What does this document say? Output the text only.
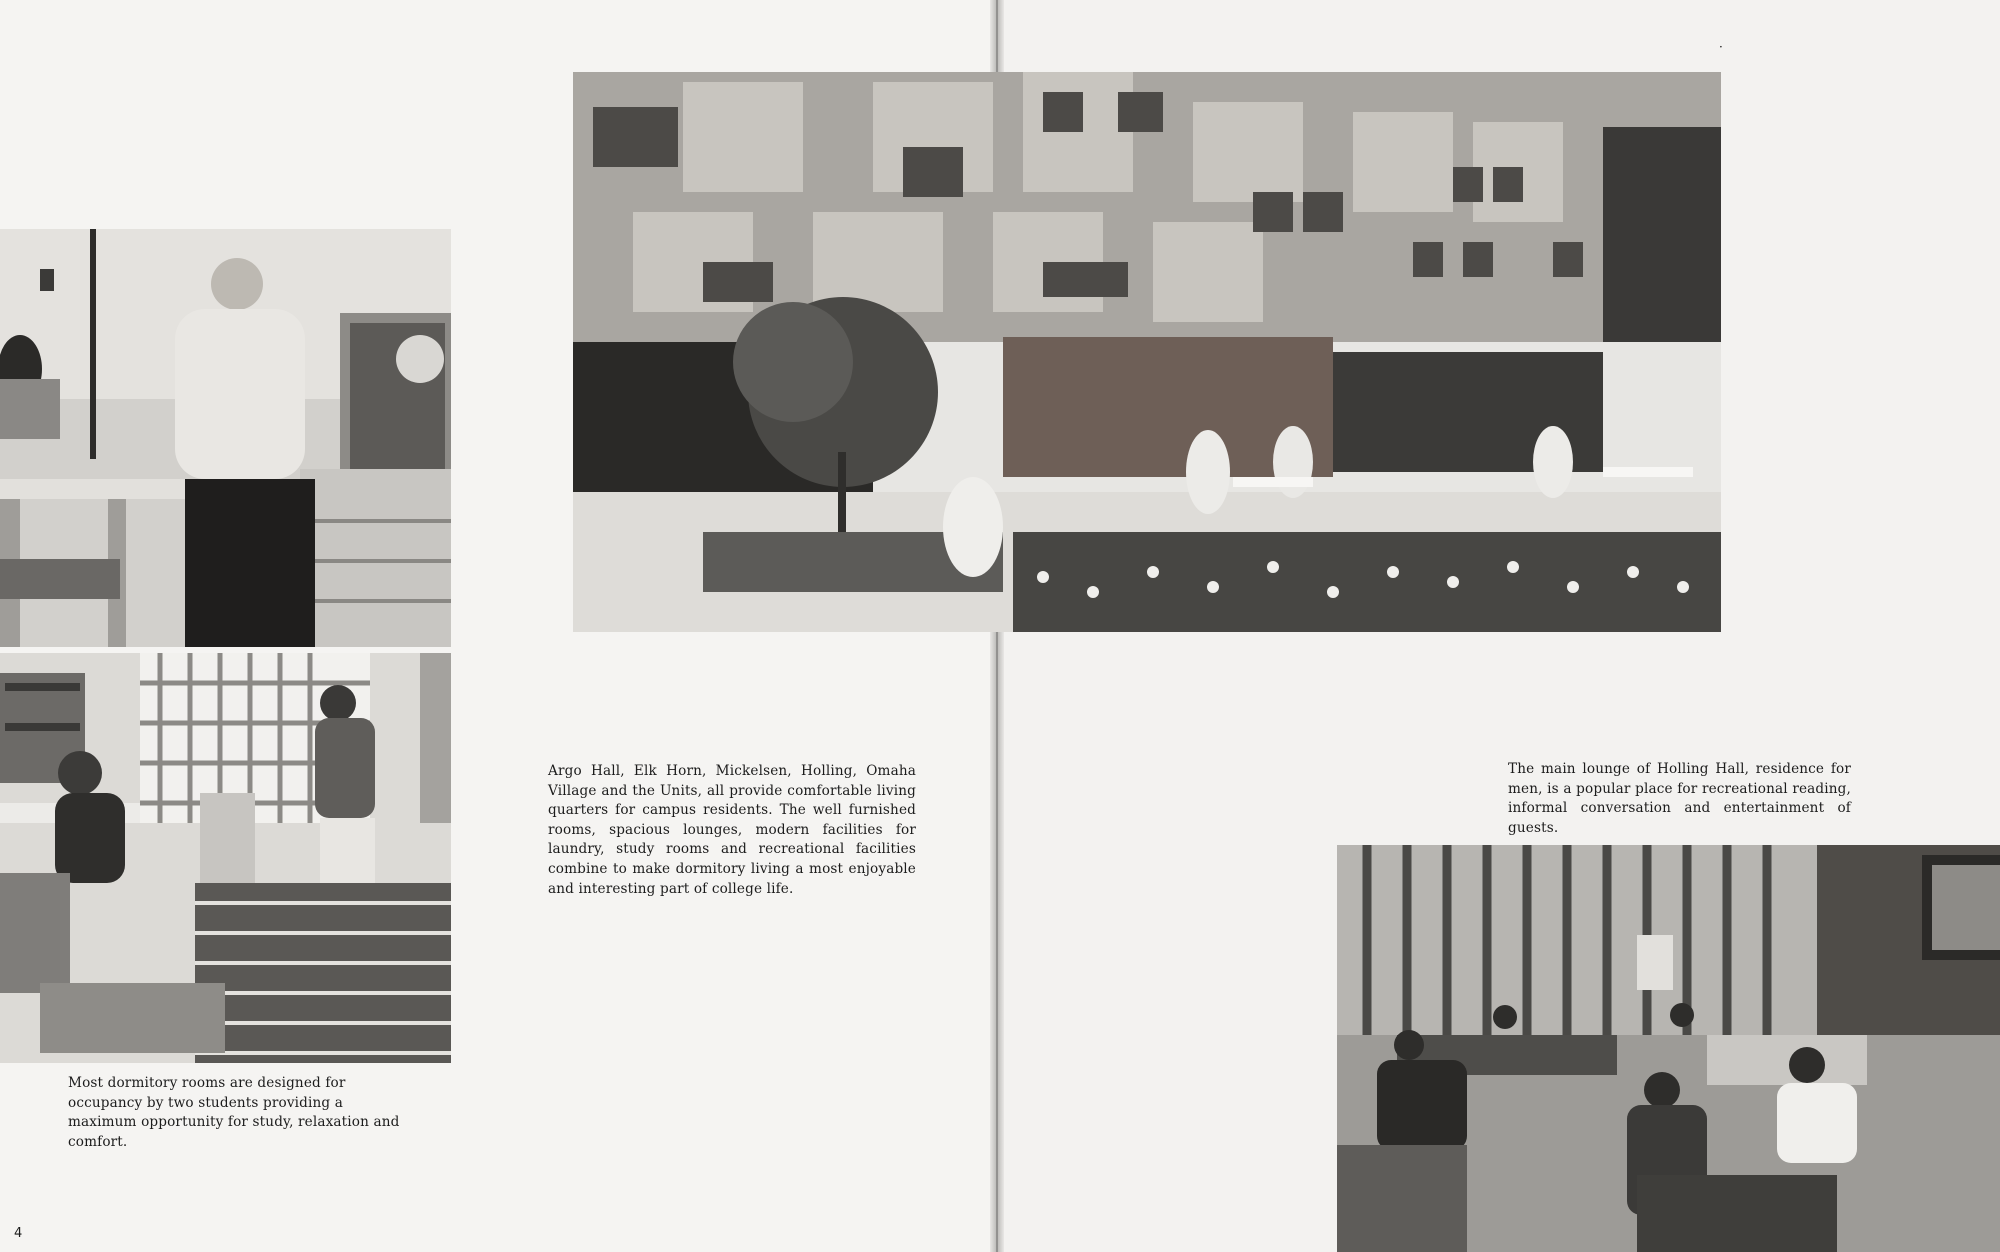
Most dormitory rooms are designed for occupancy by two students providing a maximum opportunity for study, relaxation and comfort.

Argo Hall, Elk Horn, Mickelsen, Holling, Omaha Village and the Units, all provide comfortable living quarters for campus residents. The well furnished rooms, spacious lounges, modern facilities for laundry, study rooms and recreational facilities combine to make dormitory living a most enjoyable and interesting part of college life.

The main lounge of Holling Hall, residence for men, is a popular place for recreational reading, informal conversation and entertainment of guests.

4
·
